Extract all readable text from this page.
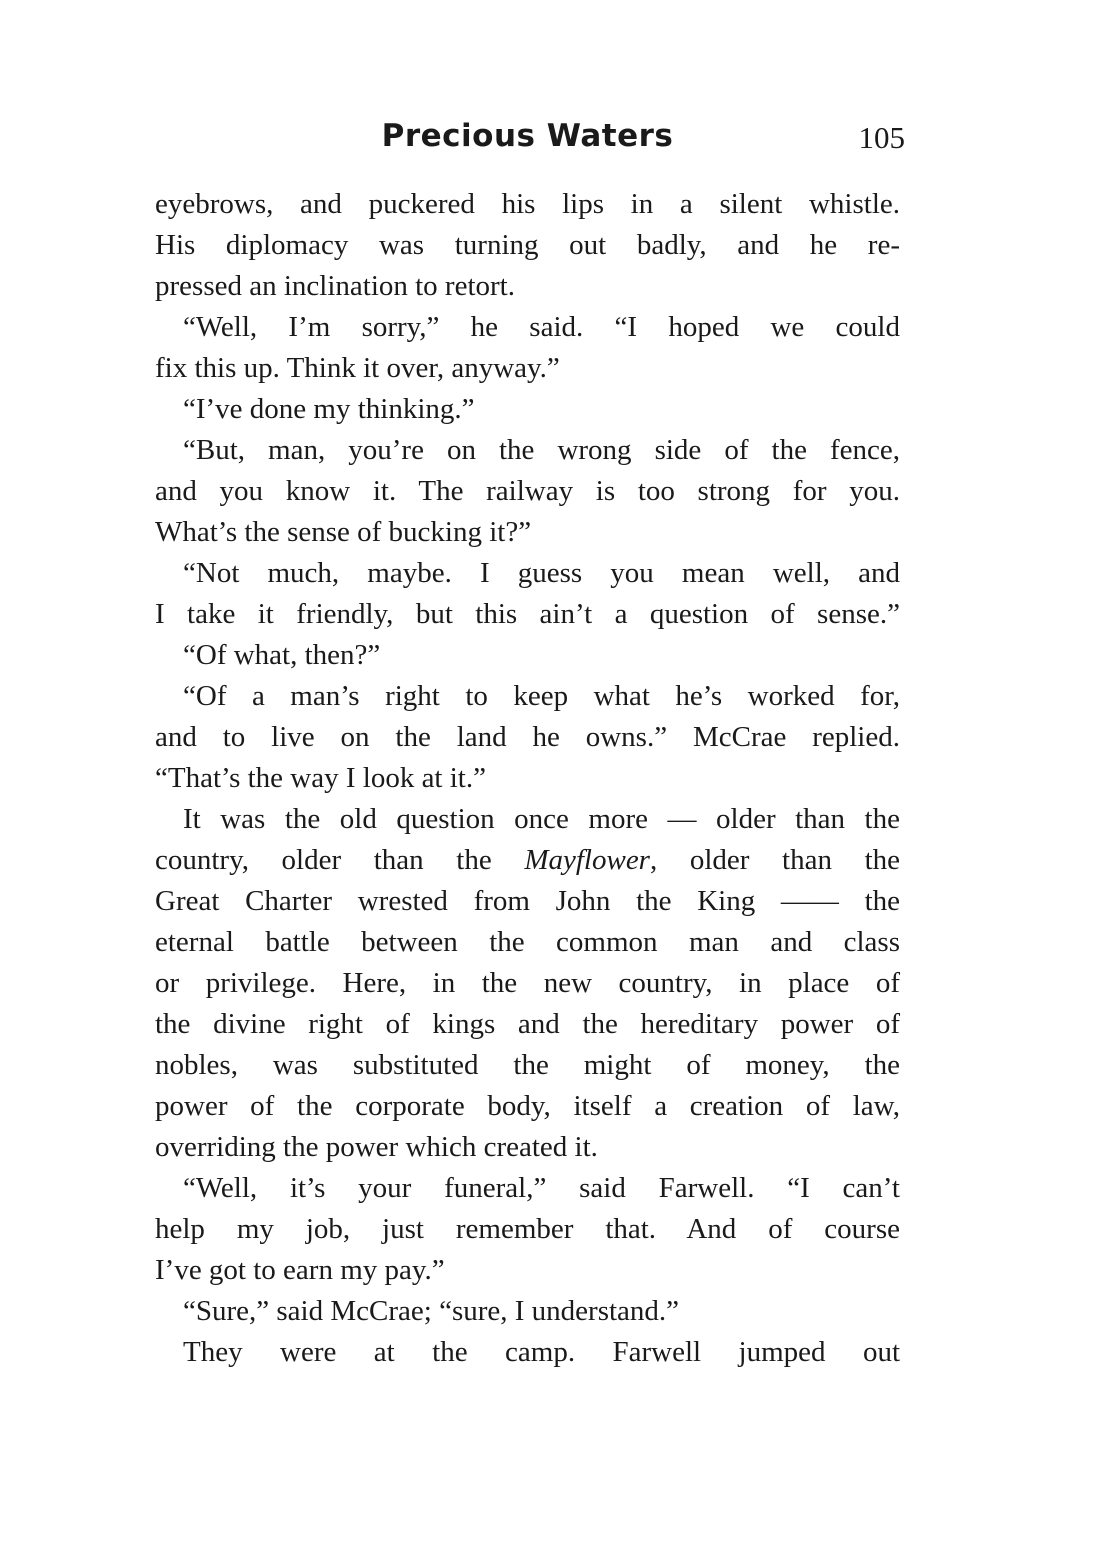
Precious Waters	105
eyebrows, and puckered his lips in a silent whistle.
His diplomacy was turning out badly, and he re-
pressed an inclination to retort.
“Well, I’m sorry,” he said. “I hoped we could
fix this up. Think it over, anyway.”
“I’ve done my thinking.”
“But, man, you’re on the wrong side of the fence,
and you know it. The railway is too strong for you.
What’s the sense of bucking it?”
“Not much, maybe. I guess you mean well, and
I take it friendly, but this ain’t a question of sense.”
“Of what, then?”
“Of a man’s right to keep what he’s worked for,
and to live on the land he owns.” McCrae replied.
“That’s the way I look at it.”
It was the old question once more — older than the
country, older than the Mayflower, older than the
Great Charter wrested from John the King —— the
eternal battle between the common man and class
or privilege. Here, in the new country, in place of
the divine right of kings and the hereditary power of
nobles, was substituted the might of money, the
power of the corporate body, itself a creation of law,
overriding the power which created it.
“Well, it’s your funeral,” said Farwell. “I can’t
help my job, just remember that. And of course
I’ve got to earn my pay.”
“Sure,” said McCrae; “sure, I understand.”
They were at the camp. Farwell jumped out
